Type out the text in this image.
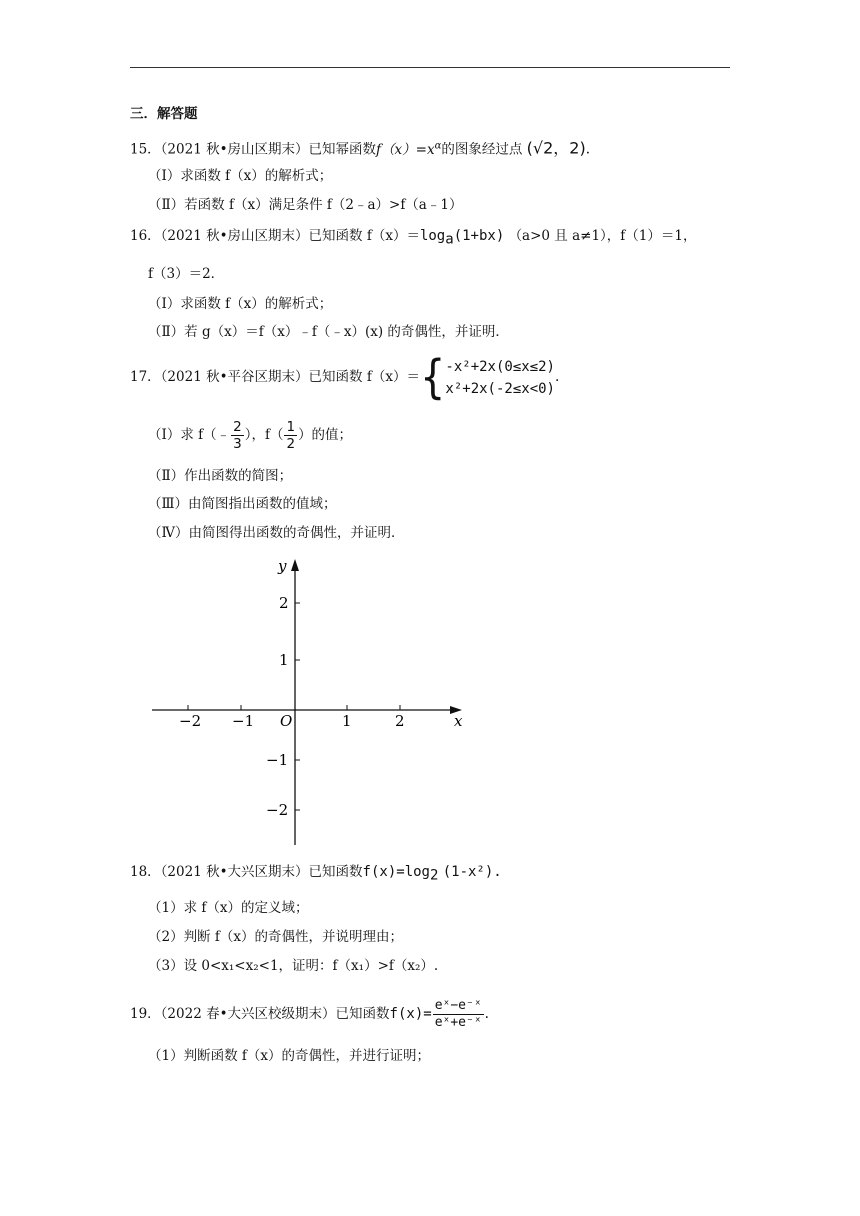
三．解答题
15．（2021 秋•房山区期末）已知幂函数$f(x)=x^\alpha$的图象经过点 (√2，2).
（Ⅰ）求函数 f（x）的解析式；
（Ⅱ）若函数 f（x）满足条件 f（2﹣a）>f（a﹣1）
16．（2021 秋•房山区期末）已知函数 $f(x)=\log_a(1+bx)$ （a>0 且 a≠1），f（1）＝1，
f（3）＝2．
（Ⅰ）求函数 f（x）的解析式；
（Ⅱ）若 g（x）＝f（x）﹣f（﹣x）(x) 的奇偶性，并证明．
17．（2021 秋•平谷区期末）已知函数 f（x）＝{ -x²+2x(0≤x≤2)
x²+2x(-2≤x<0)
.
（Ⅰ）求 f（﹣ $\frac{2}{3}$ ），$f( \frac{1}{2}$ ）的值；
（Ⅱ）作出函数的简图；
（Ⅲ）由简图指出函数的值域；
（Ⅳ）由简图得出函数的奇偶性，并证明．
−2 −1	1	2
2
1
−1
−2
O	x
y
18．（2021 秋•大兴区期末）已知函数$f(x)=\log_2$ (1-x²).
（1）求 f（x）的定义域；
（2）判断 f（x）的奇偶性，并说明理由；
（3）设 0<x₁<x₂<1，证明：f（x₁）>f（x₂）.
19．（2022 春•大兴区校级期末）已知函数$f(x)= \frac{\text{eˣ−e⁻ˣ}}{\text{eˣ+e⁻ˣ}}$ .
（1）判断函数 f（x）的奇偶性，并进行证明；
